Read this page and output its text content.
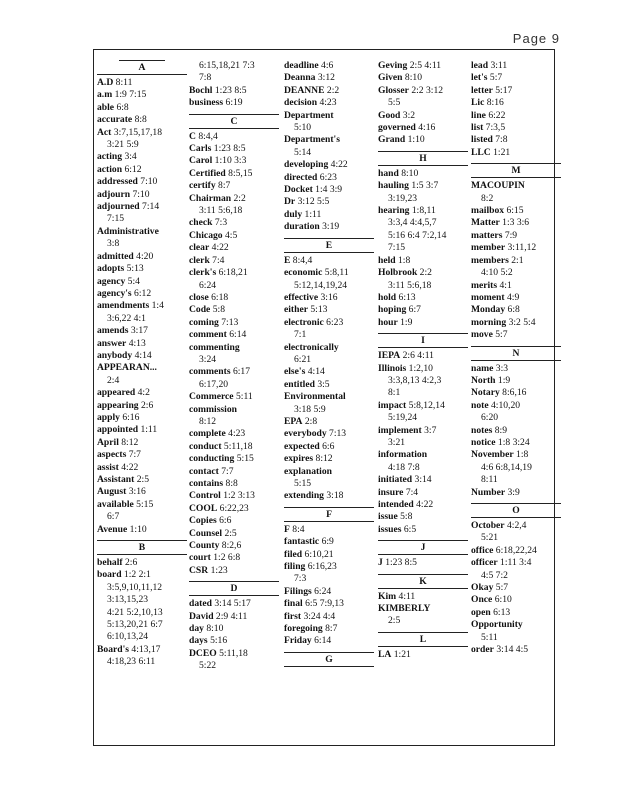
Page 9
A
A.D 8:11
a.m 1:9 7:15
able 6:8
accurate 8:8
Act 3:7,15,17,18
3:21 5:9
acting 3:4
action 6:12
addressed 7:10
adjourn 7:10
adjourned 7:14
7:15
Administrative
3:8
admitted 4:20
adopts 5:13
agency 5:4
agency's 6:12
amendments 1:4
3:6,22 4:1
amends 3:17
answer 4:13
anybody 4:14
APPEARAN...
2:4
appeared 4:2
appearing 2:6
apply 6:16
appointed 1:11
April 8:12
aspects 7:7
assist 4:22
Assistant 2:5
August 3:16
available 5:15
6:7
Avenue 1:10
B
behalf 2:6
board 1:2 2:1
3:5,9,10,11,12
3:13,15,23
4:21 5:2,10,13
5:13,20,21 6:7
6:10,13,24
Board's 4:13,17
4:18,23 6:11
6:15,18,21 7:3
7:8
Bochl 1:23 8:5
business 6:19
C
C 8:4,4
Carls 1:23 8:5
Carol 1:10 3:3
Certified 8:5,15
certify 8:7
Chairman 2:2
3:11 5:6,18
check 7:3
Chicago 4:5
clear 4:22
clerk 7:4
clerk's 6:18,21
6:24
close 6:18
Code 5:8
coming 7:13
comment 6:14
commenting
3:24
comments 6:17
6:17,20
Commerce 5:11
commission
8:12
complete 4:23
conduct 5:11,18
conducting 5:15
contact 7:7
contains 8:8
Control 1:2 3:13
COOL 6:22,23
Copies 6:6
Counsel 2:5
County 8:2,6
court 1:2 6:8
CSR 1:23
D
dated 3:14 5:17
David 2:9 4:11
day 8:10
days 5:16
DCEO 5:11,18
5:22
deadline 4:6
Deanna 3:12
DEANNE 2:2
decision 4:23
Department
5:10
Department's
5:14
developing 4:22
directed 6:23
Docket 1:4 3:9
Dr 3:12 5:5
duly 1:11
duration 3:19
E
E 8:4,4
economic 5:8,11
5:12,14,19,24
effective 3:16
either 5:13
electronic 6:23
7:1
electronically
6:21
else's 4:14
entitled 3:5
Environmental
3:18 5:9
EPA 2:8
everybody 7:13
expected 6:6
expires 8:12
explanation
5:15
extending 3:18
F
F 8:4
fantastic 6:9
filed 6:10,21
filing 6:16,23
7:3
Filings 6:24
final 6:5 7:9,13
first 3:24 4:4
foregoing 8:7
Friday 6:14
G
Geving 2:5 4:11
Given 8:10
Glosser 2:2 3:12
5:5
Good 3:2
governed 4:16
Grand 1:10
H
hand 8:10
hauling 1:5 3:7
3:19,23
hearing 1:8,11
3:3,4 4:4,5,7
5:16 6:4 7:2,14
7:15
held 1:8
Holbrook 2:2
3:11 5:6,18
hold 6:13
hoping 6:7
hour 1:9
I
IEPA 2:6 4:11
Illinois 1:2,10
3:3,8,13 4:2,3
8:1
impact 5:8,12,14
5:19,24
implement 3:7
3:21
information
4:18 7:8
initiated 3:14
insure 7:4
intended 4:22
issue 5:8
issues 6:5
J
J 1:23 8:5
K
Kim 4:11
KIMBERLY
2:5
L
LA 1:21
lead 3:11
let's 5:7
letter 5:17
Lic 8:16
line 6:22
list 7:3,5
listed 7:8
LLC 1:21
M
MACOUPIN
8:2
mailbox 6:15
Matter 1:3 3:6
matters 7:9
member 3:11,12
members 2:1
4:10 5:2
merits 4:1
moment 4:9
Monday 6:8
morning 3:2 5:4
move 5:7
N
name 3:3
North 1:9
Notary 8:6,16
note 4:10,20
6:20
notes 8:9
notice 1:8 3:24
November 1:8
4:6 6:8,14,19
8:11
Number 3:9
O
October 4:2,4
5:21
office 6:18,22,24
officer 1:11 3:4
4:5 7:2
Okay 5:7
Once 6:10
open 6:13
Opportunity
5:11
order 3:14 4:5
